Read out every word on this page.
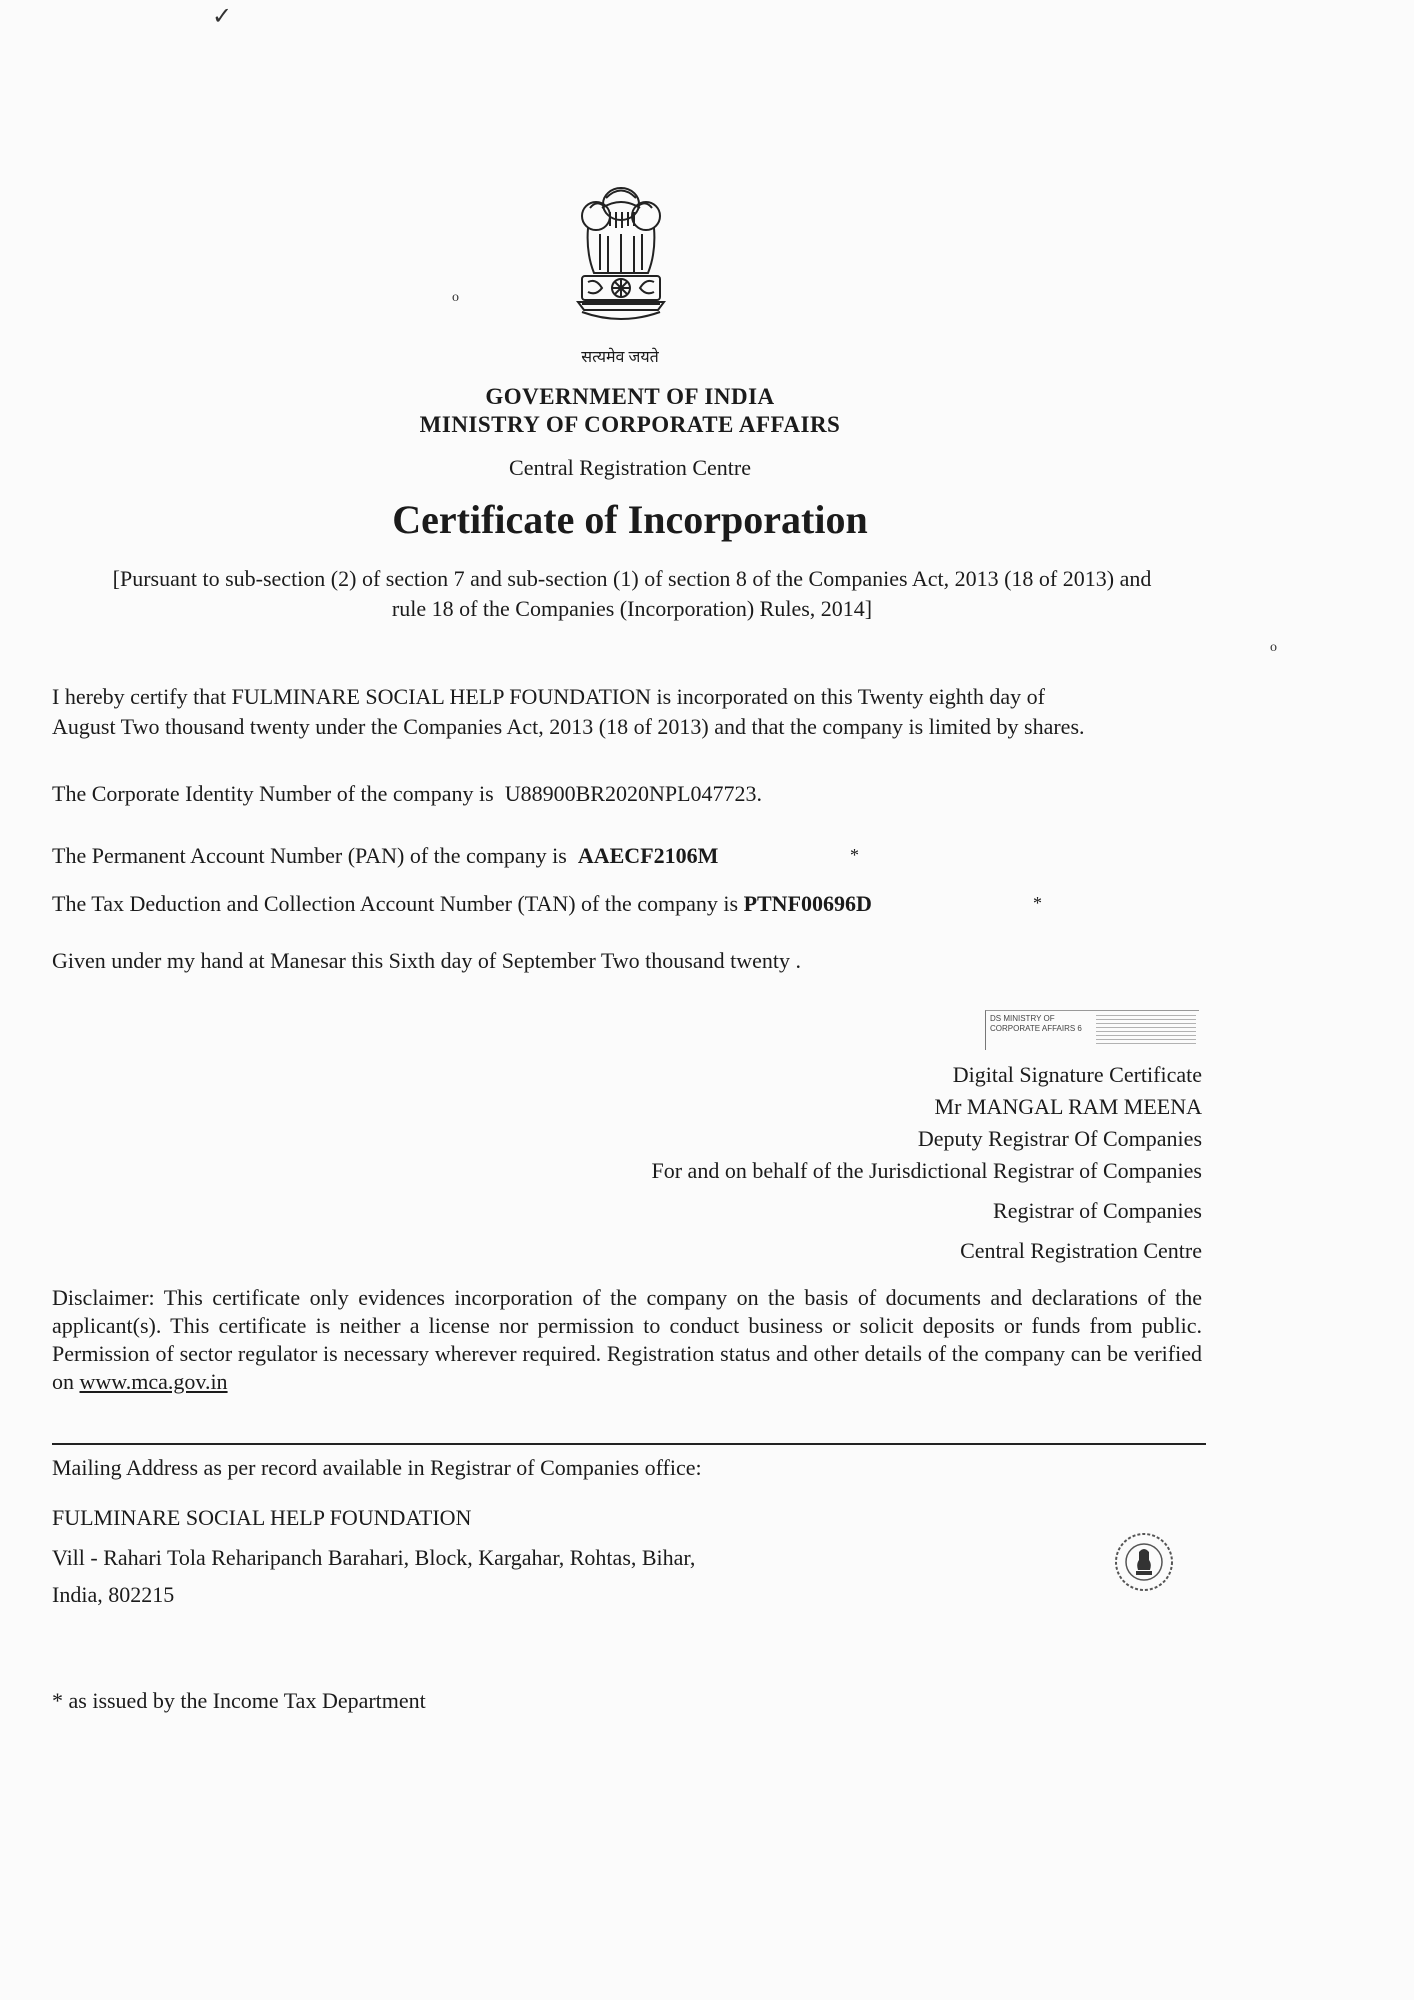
सत्यमेव जयते
GOVERNMENT OF INDIA
MINISTRY OF CORPORATE AFFAIRS
Central Registration Centre
Certificate of Incorporation
[Pursuant to sub-section (2) of section 7 and sub-section (1) of section 8 of the Companies Act, 2013 (18 of 2013) and
rule 18 of the Companies (Incorporation) Rules, 2014]
I hereby certify that FULMINARE SOCIAL HELP FOUNDATION is incorporated on this Twenty eighth day of
August Two thousand twenty under the Companies Act, 2013 (18 of 2013) and that the company is limited by shares.
The Corporate Identity Number of the company is U88900BR2020NPL047723.
The Permanent Account Number (PAN) of the company is AAECF2106M	*
The Tax Deduction and Collection Account Number (TAN) of the company is PTNF00696D	*
Given under my hand at Manesar this Sixth day of September Two thousand twenty .
DS MINISTRY OF
CORPORATE AFFAIRS 6
Digital Signature Certificate
Mr MANGAL RAM MEENA
Deputy Registrar Of Companies
For and on behalf of the Jurisdictional Registrar of Companies
Registrar of Companies
Central Registration Centre
Disclaimer: This certificate only evidences incorporation of the company on the basis of documents and declarations of the applicant(s). This certificate is neither a license nor permission to conduct business or solicit deposits or funds from public. Permission of sector regulator is necessary wherever required. Registration status and other details of the company can be verified on www.mca.gov.in
Mailing Address as per record available in Registrar of Companies office:
FULMINARE SOCIAL HELP FOUNDATION
Vill - Rahari Tola Reharipanch Barahari, Block, Kargahar, Rohtas, Bihar,
India, 802215
* as issued by the Income Tax Department
✓
o
o
